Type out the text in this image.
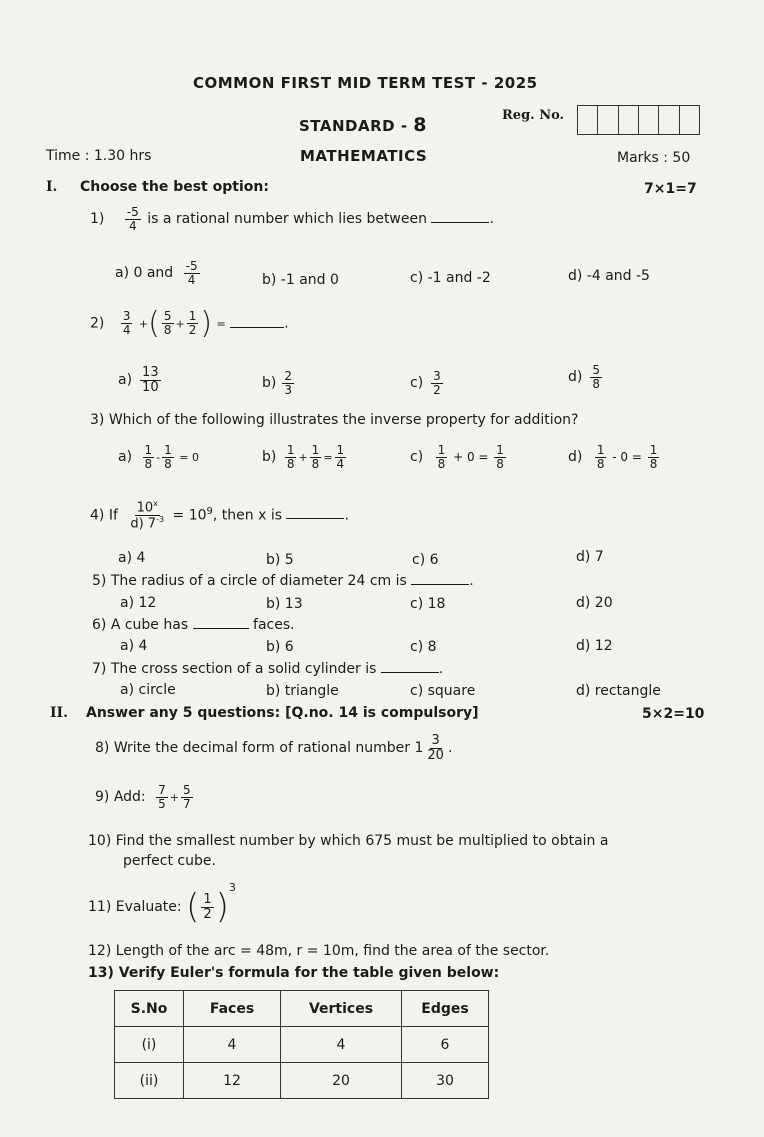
COMMON FIRST MID TERM TEST - 2025
STANDARD - 8	Reg. No.
Time : 1.30 hrs	MATHEMATICS	Marks : 50
I. Choose the best option:	7×1=7
$1) \frac{-5}{4}$ is a rational number which lies between	.
a) 0 and $\frac{-5}{4}$	b) -1 and 0	c) -1 and -2	d) -4 and -5
$2) \frac{3}{4}$ +( $\frac{5}{8} + \frac{1}{2}$ ) =	.
$a) \frac{13}{10}$	$b) \frac{2}{3}$	$c) \frac{3}{2}$	$d) \frac{5}{8}$
3) Which of the following illustrates the inverse property for addition?
$a) \frac{1}{8} - \frac{1}{8} = 0$	$b) \frac{1}{8} + \frac{1}{8} = \frac{1}{4}$	$c) \frac{1}{8} + 0 = \frac{1}{8}$	$d) \frac{1}{8} - 0 = \frac{1}{8}$
4) If $\frac{10^x}{d) 7^{-3}} = 10^9$, then x is	.
a) 4	b) 5	c) 6	d) 7
5) The radius of a circle of diameter 24 cm is	.
a) 12	b) 13	c) 18	d) 20
6) A cube has	faces.
a) 4	b) 6	c) 8	d) 12
7) The cross section of a solid cylinder is	.
a) circle	b) triangle	c) square	d) rectangle
II. Answer any 5 questions: [Q.no. 14 is compulsory]	5×2=10
8) Write the decimal form of rational number $1 \frac{3}{20}$ .
9) Add: $\frac{7}{5} + \frac{5}{7}$
10) Find the smallest number by which 675 must be multiplied to obtain a
perfect cube.
11) Evaluate: ( $\frac{1}{2} )^3$
12) Length of the arc = 48m, r = 10m, find the area of the sector.
13) Verify Euler's formula for the table given below:
S.No	Faces	Vertices	Edges
(i)	4	4	6
(ii)	12	20	30
